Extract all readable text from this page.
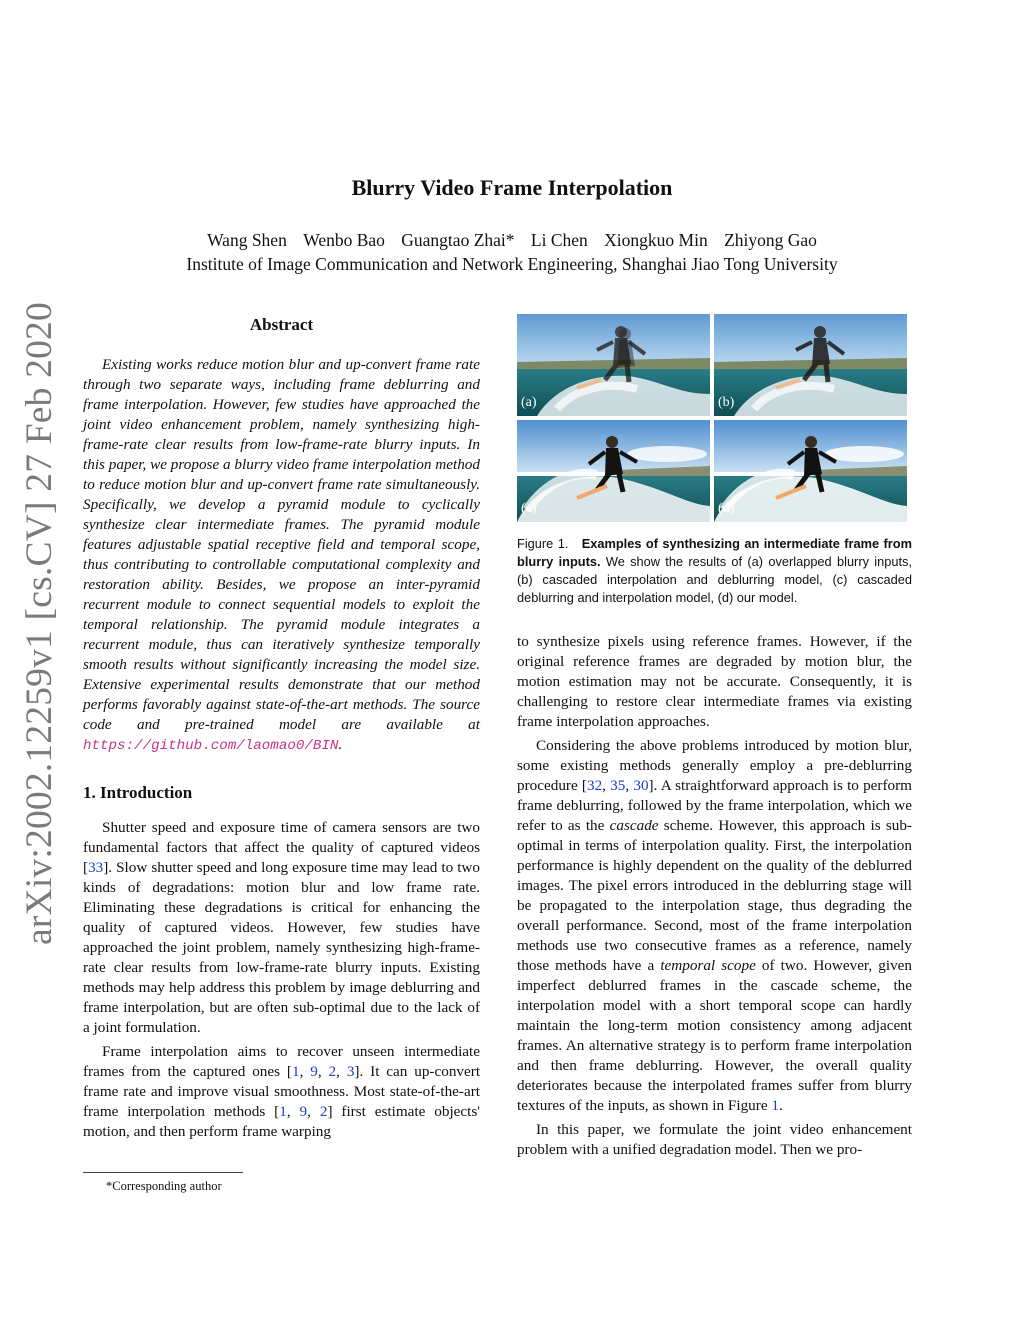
arXiv:2002.12259v1 [cs.CV] 27 Feb 2020
Blurry Video Frame Interpolation
Wang Shen Wenbo Bao Guangtao Zhai* Li Chen Xiongkuo Min Zhiyong Gao
Institute of Image Communication and Network Engineering, Shanghai Jiao Tong University
Abstract

Existing works reduce motion blur and up-convert frame rate through two separate ways, including frame deblurring and frame interpolation. However, few studies have approached the joint video enhancement problem, namely synthesizing high-frame-rate clear results from low-frame-rate blurry inputs. In this paper, we propose a blurry video frame interpolation method to reduce motion blur and up-convert frame rate simultaneously. Specifically, we develop a pyramid module to cyclically synthesize clear intermediate frames. The pyramid module features adjustable spatial receptive field and temporal scope, thus contributing to controllable computational complexity and restoration ability. Besides, we propose an inter-pyramid recurrent module to connect sequential models to exploit the temporal relationship. The pyramid module integrates a recurrent module, thus can iteratively synthesize temporally smooth results without significantly increasing the model size. Extensive experimental results demonstrate that our method performs favorably against state-of-the-art methods. The source code and pre-trained model are available at https://github.com/laomao0/BIN.

1. Introduction

Shutter speed and exposure time of camera sensors are two fundamental factors that affect the quality of captured videos [33]. Slow shutter speed and long exposure time may lead to two kinds of degradations: motion blur and low frame rate. Eliminating these degradations is critical for enhancing the quality of captured videos. However, few studies have approached the joint problem, namely synthesizing high-frame-rate clear results from low-frame-rate blurry inputs. Existing methods may help address this problem by image deblurring and frame interpolation, but are often sub-optimal due to the lack of a joint formulation.

Frame interpolation aims to recover unseen intermediate frames from the captured ones [1, 9, 2, 3]. It can up-convert frame rate and improve visual smoothness. Most state-of-the-art frame interpolation methods [1, 9, 2] first estimate objects' motion, and then perform frame warping

*Corresponding author
(a)	(b)
(c)	(d)
Figure 1. Examples of synthesizing an intermediate frame from blurry inputs. We show the results of (a) overlapped blurry inputs, (b) cascaded interpolation and deblurring model, (c) cascaded deblurring and interpolation model, (d) our model.

to synthesize pixels using reference frames. However, if the original reference frames are degraded by motion blur, the motion estimation may not be accurate. Consequently, it is challenging to restore clear intermediate frames via existing frame interpolation approaches.

Considering the above problems introduced by motion blur, some existing methods generally employ a pre-deblurring procedure [32, 35, 30]. A straightforward approach is to perform frame deblurring, followed by the frame interpolation, which we refer to as the cascade scheme. However, this approach is sub-optimal in terms of interpolation quality. First, the interpolation performance is highly dependent on the quality of the deblurred images. The pixel errors introduced in the deblurring stage will be propagated to the interpolation stage, thus degrading the overall performance. Second, most of the frame interpolation methods use two consecutive frames as a reference, namely those methods have a temporal scope of two. However, given imperfect deblurred frames in the cascade scheme, the interpolation model with a short temporal scope can hardly maintain the long-term motion consistency among adjacent frames. An alternative strategy is to perform frame interpolation and then frame deblurring. However, the overall quality deteriorates because the interpolated frames suffer from blurry textures of the inputs, as shown in Figure 1.

In this paper, we formulate the joint video enhancement problem with a unified degradation model. Then we pro-
